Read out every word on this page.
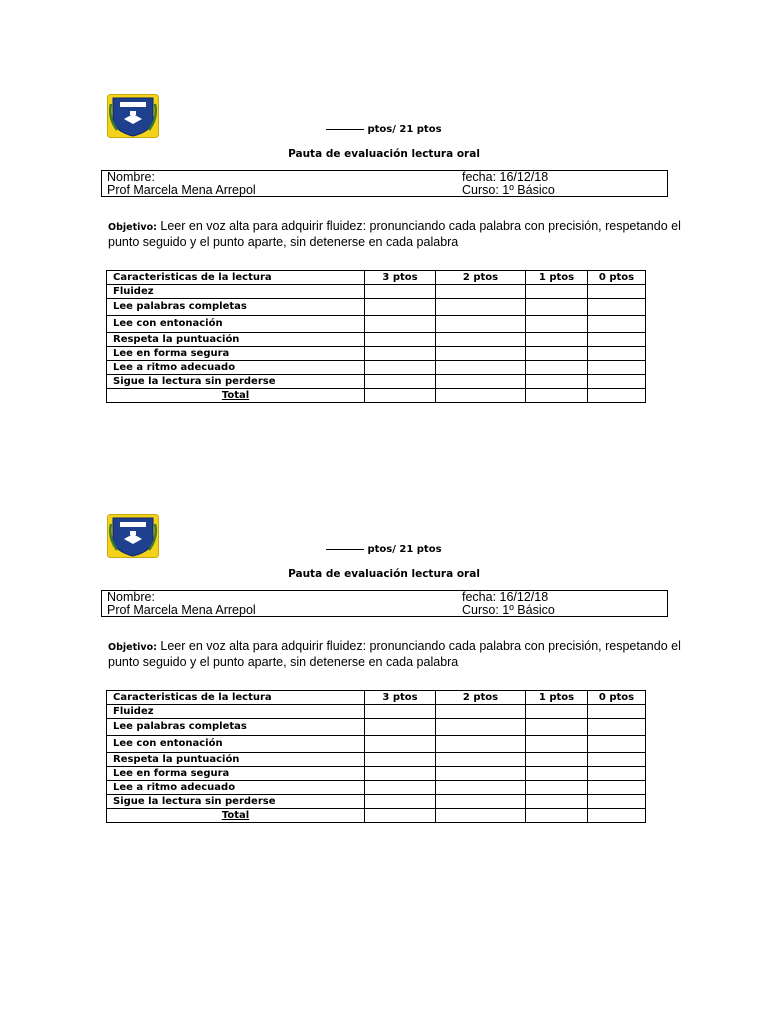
ptos/ 21 ptos
Pauta de evaluación lectura oral
Nombre:
Prof Marcela Mena Arrepol
fecha: 16/12/18
Curso: 1º Básico
Objetivo: Leer en voz alta para adquirir fluidez: pronunciando cada palabra con precisión, respetando el punto seguido y el punto aparte, sin detenerse en cada palabra
Caracteristicas de la lectura	3 ptos	2 ptos	1 ptos	0 ptos
Fluidez				
Lee palabras completas				
Lee con entonación				
Respeta la puntuación				
Lee en forma segura				
Lee a ritmo adecuado				
Sigue la lectura sin perderse				
Total				
ptos/ 21 ptos
Pauta de evaluación lectura oral
Nombre:
Prof Marcela Mena Arrepol
fecha: 16/12/18
Curso: 1º Básico
Objetivo: Leer en voz alta para adquirir fluidez: pronunciando cada palabra con precisión, respetando el punto seguido y el punto aparte, sin detenerse en cada palabra
Caracteristicas de la lectura	3 ptos	2 ptos	1 ptos	0 ptos
Fluidez				
Lee palabras completas				
Lee con entonación				
Respeta la puntuación				
Lee en forma segura				
Lee a ritmo adecuado				
Sigue la lectura sin perderse				
Total				
